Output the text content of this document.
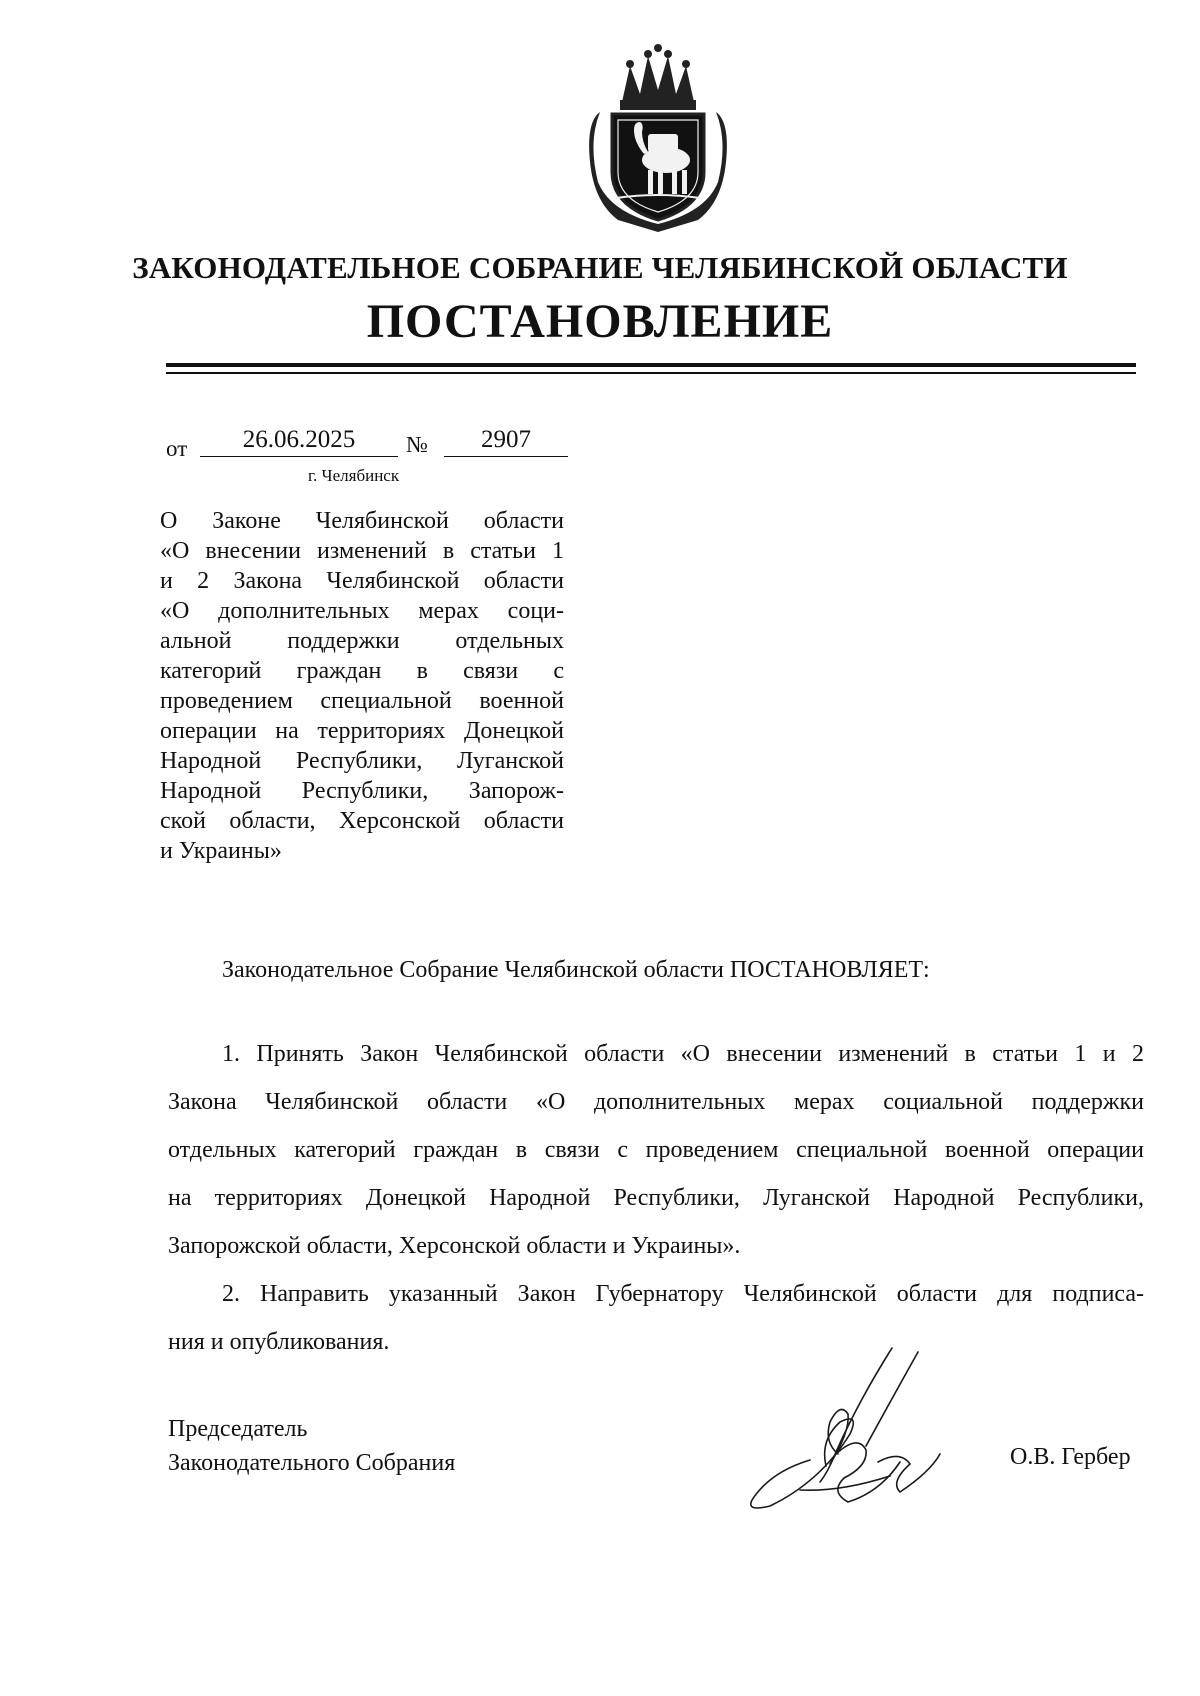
ЗАКОНОДАТЕЛЬНОЕ СОБРАНИЕ ЧЕЛЯБИНСКОЙ ОБЛАСТИ
ПОСТАНОВЛЕНИЕ
от	26.06.2025	№	2907
г. Челябинск
О Законе Челябинской области
«О внесении изменений в статьи 1
и 2 Закона Челябинской области
«О дополнительных мерах соци-
альной поддержки отдельных
категорий граждан в связи с
проведением специальной военной
операции на территориях Донецкой
Народной Республики, Луганской
Народной Республики, Запорож-
ской области, Херсонской области
и Украины»
Законодательное Собрание Челябинской области ПОСТАНОВЛЯЕТ:
1. Принять Закон Челябинской области «О внесении изменений в статьи 1 и 2
Закона Челябинской области «О дополнительных мерах социальной поддержки
отдельных категорий граждан в связи с проведением специальной военной операции
на территориях Донецкой Народной Республики, Луганской Народной Республики,
Запорожской области, Херсонской области и Украины».
2. Направить указанный Закон Губернатору Челябинской области для подписа-
ния и опубликования.
Председатель
Законодательного Собрания	О.В. Гербер
